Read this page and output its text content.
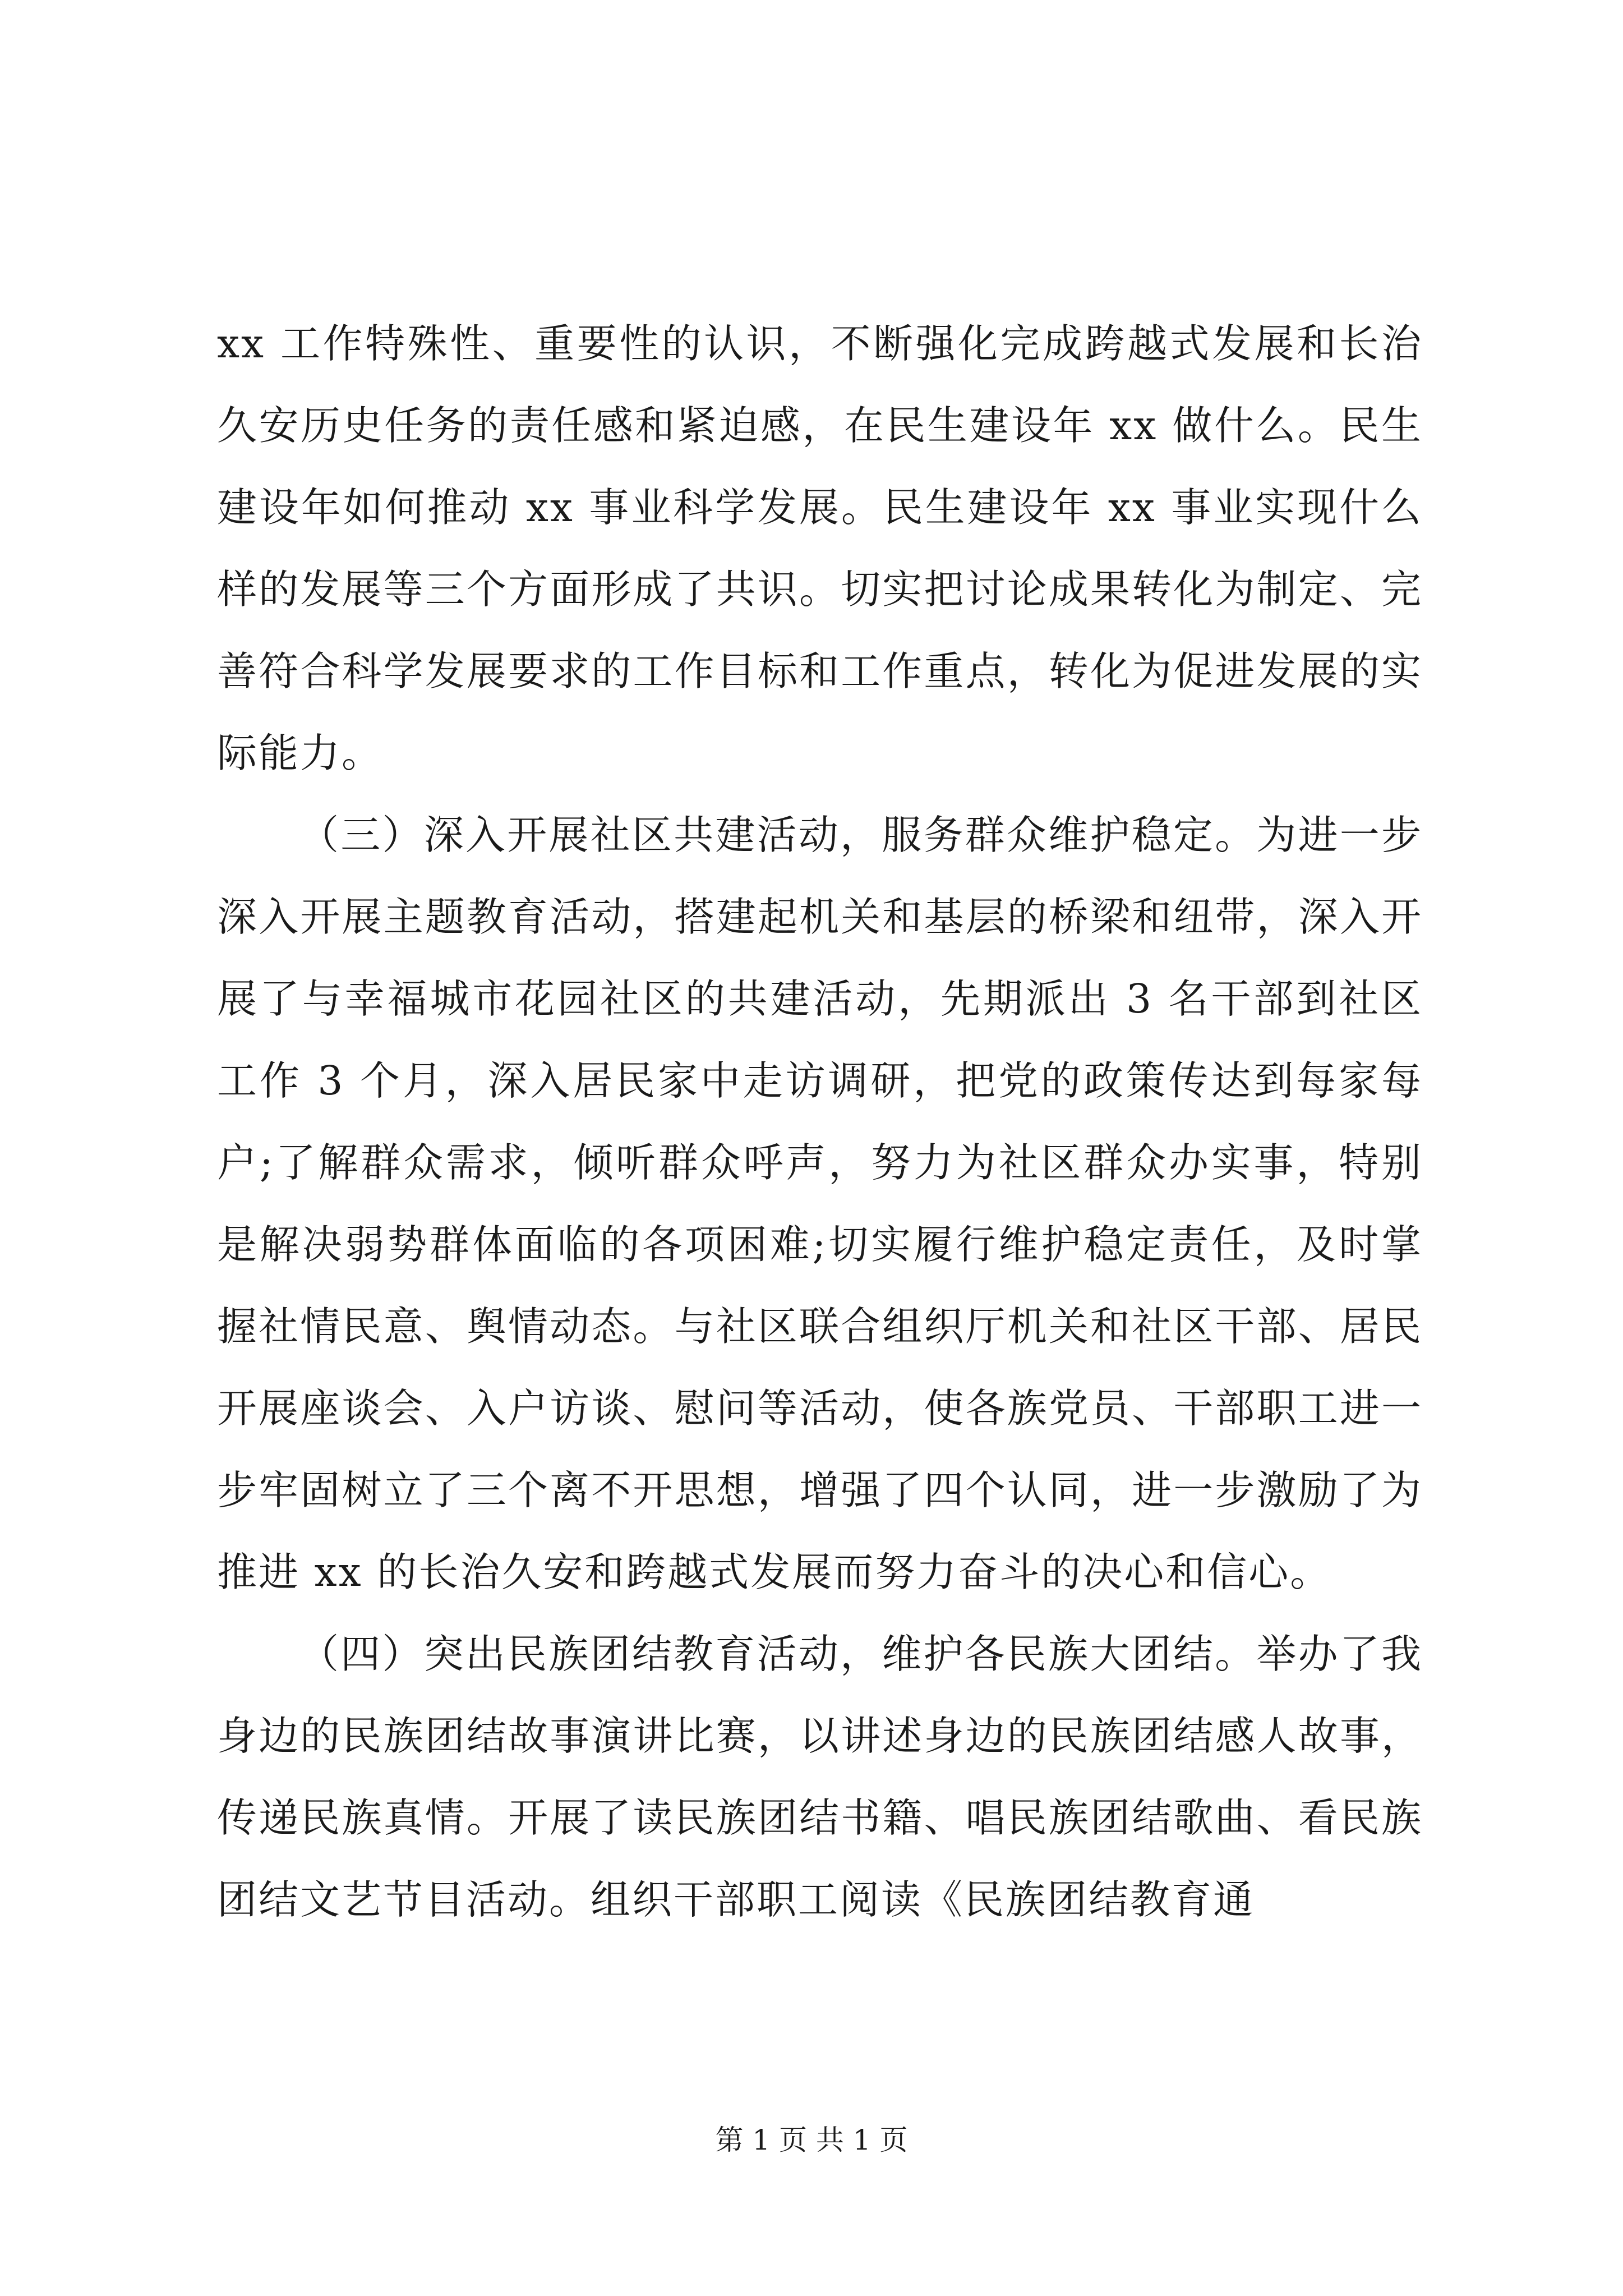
xx 工作特殊性、重要性的认识，不断强化完成跨越式发展和长治久安历史任务的责任感和紧迫感，在民生建设年 xx 做什么。民生建设年如何推动 xx 事业科学发展。民生建设年 xx 事业实现什么样的发展等三个方面形成了共识。切实把讨论成果转化为制定、完善符合科学发展要求的工作目标和工作重点，转化为促进发展的实际能力。

（三）深入开展社区共建活动，服务群众维护稳定。为进一步深入开展主题教育活动，搭建起机关和基层的桥梁和纽带，深入开展了与幸福城市花园社区的共建活动，先期派出 3 名干部到社区工作 3 个月，深入居民家中走访调研，把党的政策传达到每家每户;了解群众需求，倾听群众呼声，努力为社区群众办实事，特别是解决弱势群体面临的各项困难;切实履行维护稳定责任，及时掌握社情民意、舆情动态。与社区联合组织厅机关和社区干部、居民开展座谈会、入户访谈、慰问等活动，使各族党员、干部职工进一步牢固树立了三个离不开思想，增强了四个认同，进一步激励了为推进 xx 的长治久安和跨越式发展而努力奋斗的决心和信心。

（四）突出民族团结教育活动，维护各民族大团结。举办了我身边的民族团结故事演讲比赛，以讲述身边的民族团结感人故事，传递民族真情。开展了读民族团结书籍、唱民族团结歌曲、看民族团结文艺节目活动。组织干部职工阅读《民族团结教育通

第 1 页 共 1 页
